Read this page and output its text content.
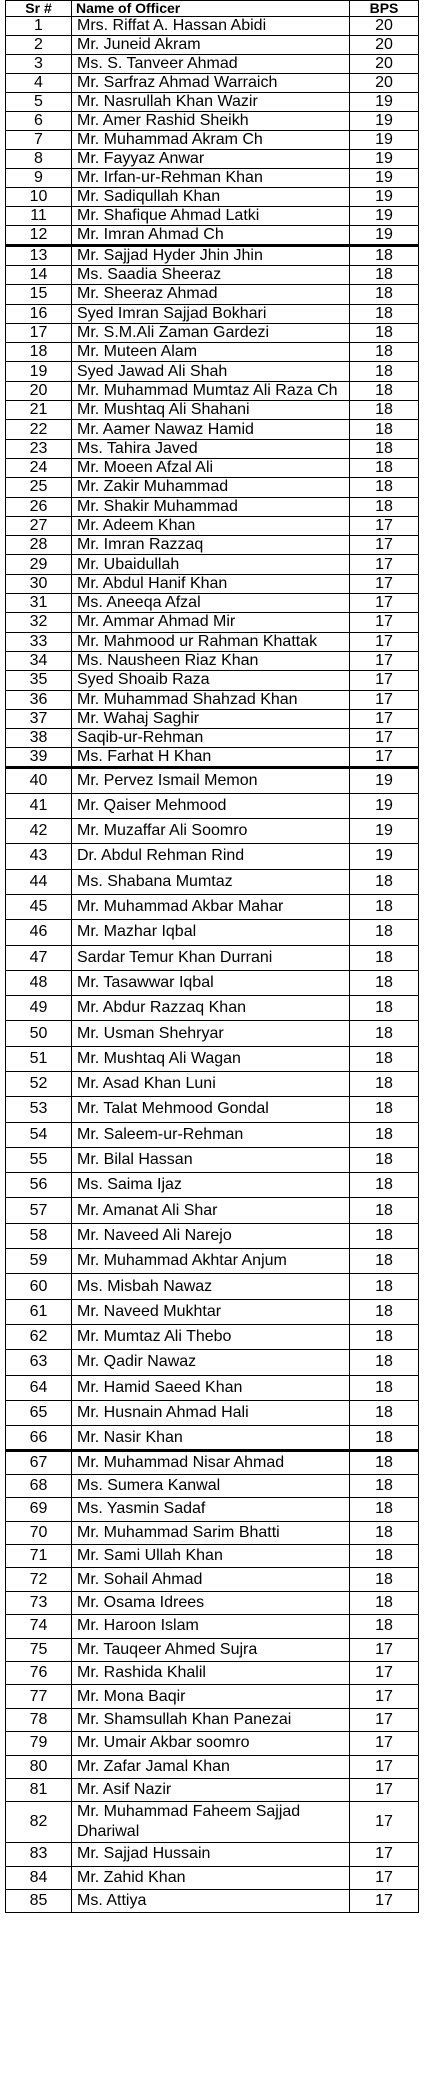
Sr #	Name of Officer	BPS
1	Mrs. Riffat A. Hassan Abidi	20
2	Mr. Juneid Akram	20
3	Ms. S. Tanveer Ahmad	20
4	Mr. Sarfraz Ahmad Warraich	20
5	Mr. Nasrullah Khan Wazir	19
6	Mr. Amer Rashid Sheikh	19
7	Mr. Muhammad Akram Ch	19
8	Mr. Fayyaz Anwar	19
9	Mr. Irfan-ur-Rehman Khan	19
10	Mr. Sadiqullah Khan	19
11	Mr. Shafique Ahmad Latki	19
12	Mr. Imran Ahmad Ch	19
13	Mr. Sajjad Hyder Jhin Jhin	18
14	Ms. Saadia Sheeraz	18
15	Mr. Sheeraz Ahmad	18
16	Syed Imran Sajjad Bokhari	18
17	Mr. S.M.Ali Zaman Gardezi	18
18	Mr. Muteen Alam	18
19	Syed Jawad Ali Shah	18
20	Mr. Muhammad Mumtaz Ali Raza Ch	18
21	Mr. Mushtaq Ali Shahani	18
22	Mr. Aamer Nawaz Hamid	18
23	Ms. Tahira Javed	18
24	Mr. Moeen Afzal Ali	18
25	Mr. Zakir Muhammad	18
26	Mr. Shakir Muhammad	18
27	Mr. Adeem Khan	17
28	Mr. Imran Razzaq	17
29	Mr. Ubaidullah	17
30	Mr. Abdul Hanif Khan	17
31	Ms. Aneeqa Afzal	17
32	Mr. Ammar Ahmad Mir	17
33	Mr. Mahmood ur Rahman Khattak	17
34	Ms. Nausheen Riaz Khan	17
35	Syed Shoaib Raza	17
36	Mr. Muhammad Shahzad Khan	17
37	Mr. Wahaj Saghir	17
38	Saqib-ur-Rehman	17
39	Ms. Farhat H Khan	17
40	Mr. Pervez Ismail Memon	19
41	Mr. Qaiser Mehmood	19
42	Mr. Muzaffar Ali Soomro	19
43	Dr. Abdul Rehman Rind	19
44	Ms. Shabana Mumtaz	18
45	Mr. Muhammad Akbar Mahar	18
46	Mr. Mazhar Iqbal	18
47	Sardar Temur Khan Durrani	18
48	Mr. Tasawwar Iqbal	18
49	Mr. Abdur Razzaq Khan	18
50	Mr. Usman Shehryar	18
51	Mr. Mushtaq Ali Wagan	18
52	Mr. Asad Khan Luni	18
53	Mr. Talat Mehmood Gondal	18
54	Mr. Saleem-ur-Rehman	18
55	Mr. Bilal Hassan	18
56	Ms. Saima Ijaz	18
57	Mr. Amanat Ali Shar	18
58	Mr. Naveed Ali Narejo	18
59	Mr. Muhammad Akhtar Anjum	18
60	Ms. Misbah Nawaz	18
61	Mr. Naveed Mukhtar	18
62	Mr. Mumtaz Ali Thebo	18
63	Mr. Qadir Nawaz	18
64	Mr. Hamid Saeed Khan	18
65	Mr. Husnain Ahmad Hali	18
66	Mr. Nasir Khan	18
67	Mr. Muhammad Nisar Ahmad	18
68	Ms. Sumera Kanwal	18
69	Ms. Yasmin Sadaf	18
70	Mr. Muhammad Sarim Bhatti	18
71	Mr. Sami Ullah Khan	18
72	Mr. Sohail Ahmad	18
73	Mr. Osama Idrees	18
74	Mr. Haroon Islam	18
75	Mr. Tauqeer Ahmed Sujra	17
76	Mr. Rashida Khalil	17
77	Mr. Mona Baqir	17
78	Mr. Shamsullah Khan Panezai	17
79	Mr. Umair Akbar soomro	17
80	Mr. Zafar Jamal Khan	17
81	Mr. Asif Nazir	17
82	Mr. Muhammad Faheem Sajjad Dhariwal	17
83	Mr. Sajjad Hussain	17
84	Mr. Zahid Khan	17
85	Ms. Attiya	17
